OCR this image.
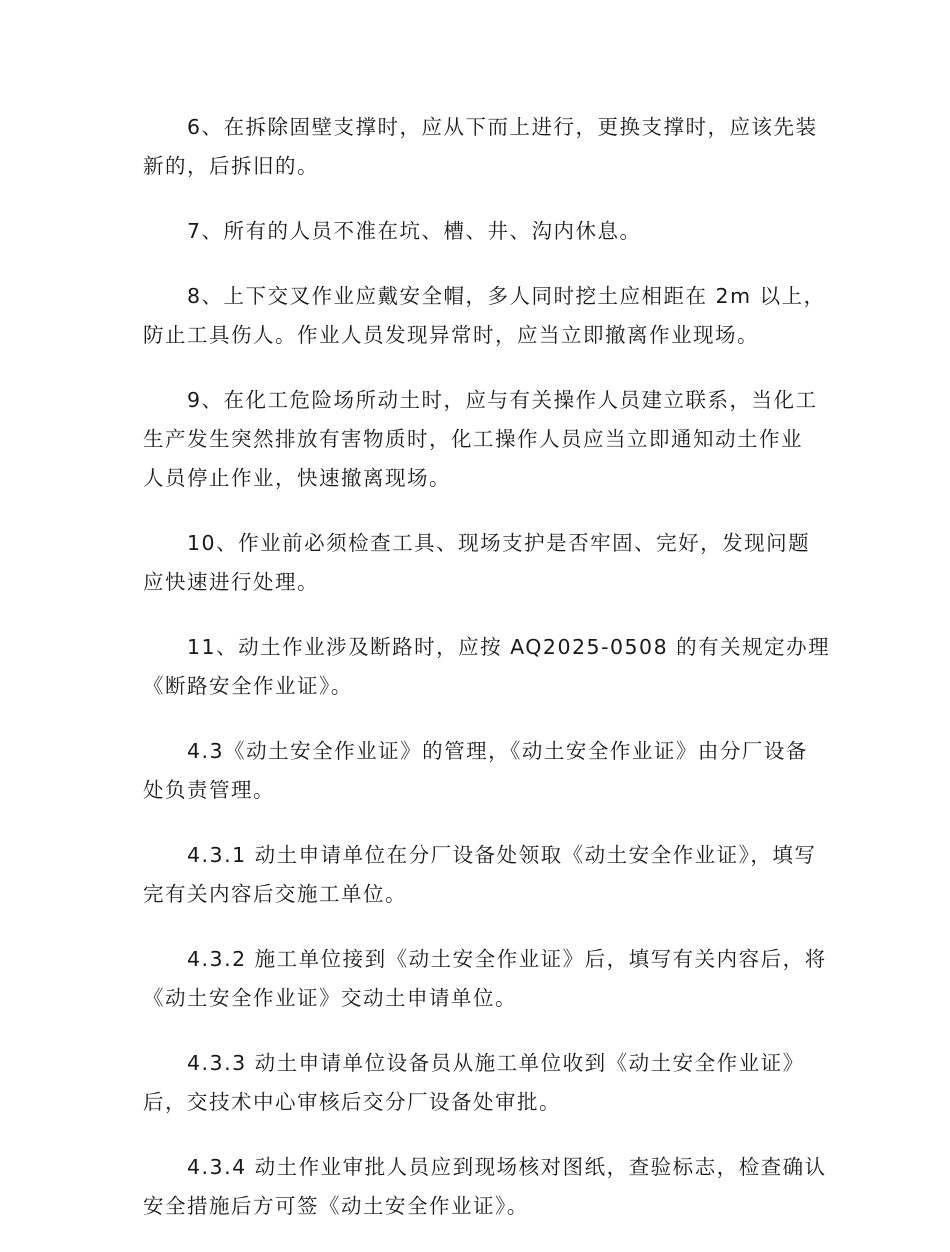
6、在拆除固壁支撑时，应从下而上进行，更换支撑时，应该先装
新的，后拆旧的。

7、所有的人员不准在坑、槽、井、沟内休息。

8、上下交叉作业应戴安全帽，多人同时挖土应相距在 2m 以上，
防止工具伤人。作业人员发现异常时，应当立即撤离作业现场。

9、在化工危险场所动土时，应与有关操作人员建立联系，当化工
生产发生突然排放有害物质时，化工操作人员应当立即通知动土作业
人员停止作业，快速撤离现场。

10、作业前必须检查工具、现场支护是否牢固、完好，发现问题
应快速进行处理。

11、动土作业涉及断路时，应按 AQ2025-0508 的有关规定办理
《断路安全作业证》。

4.3《动土安全作业证》的管理，《动土安全作业证》由分厂设备
处负责管理。

4.3.1 动土申请单位在分厂设备处领取《动土安全作业证》，填写
完有关内容后交施工单位。

4.3.2 施工单位接到《动土安全作业证》后，填写有关内容后，将
《动土安全作业证》交动土申请单位。

4.3.3 动土申请单位设备员从施工单位收到《动土安全作业证》
后，交技术中心审核后交分厂设备处审批。

4.3.4 动土作业审批人员应到现场核对图纸，查验标志，检查确认
安全措施后方可签《动土安全作业证》。
